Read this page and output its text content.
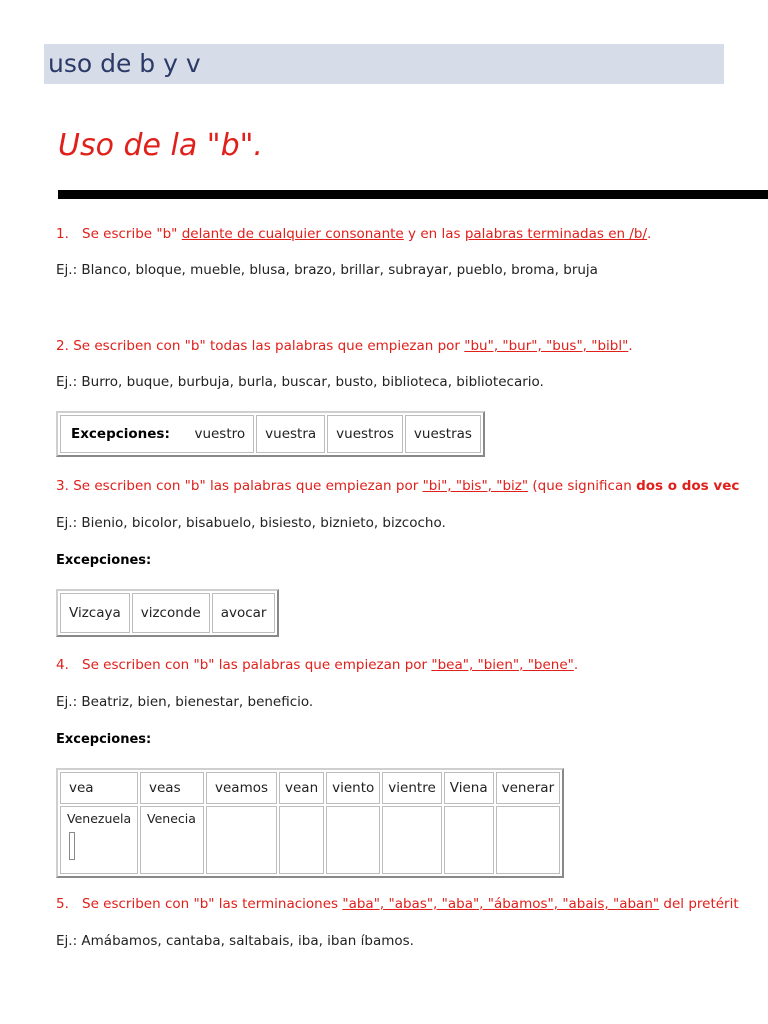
uso de b y v
Uso de la "b".
1. Se escribe "b" delante de cualquier consonante y en las palabras terminadas en /b/.
Ej.: Blanco, bloque, mueble, blusa, brazo, brillar, subrayar, pueblo, broma, bruja
2. Se escriben con "b" todas las palabras que empiezan por "bu", "bur", "bus", "bibl".
Ej.: Burro, buque, burbuja, burla, buscar, busto, biblioteca, bibliotecario.
Excepciones: vuestro	vuestra	vuestros	vuestras
3. Se escriben con "b" las palabras que empiezan por "bi", "bis", "biz" (que significan dos o dos vec
Ej.: Bienio, bicolor, bisabuelo, bisiesto, biznieto, bizcocho.
Excepciones:
Vizcaya	vizconde	avocar
4. Se escriben con "b" las palabras que empiezan por "bea", "bien", "bene".
Ej.: Beatriz, bien, bienestar, beneficio.
Excepciones:
vea	veas	veamos	vean	viento	vientre	Viena	venerar
Venezuela	Venecia						
5. Se escriben con "b" las terminaciones "aba", "abas", "aba", "ábamos", "abais, "aban" del pretérit
Ej.: Amábamos, cantaba, saltabais, iba, iban íbamos.
